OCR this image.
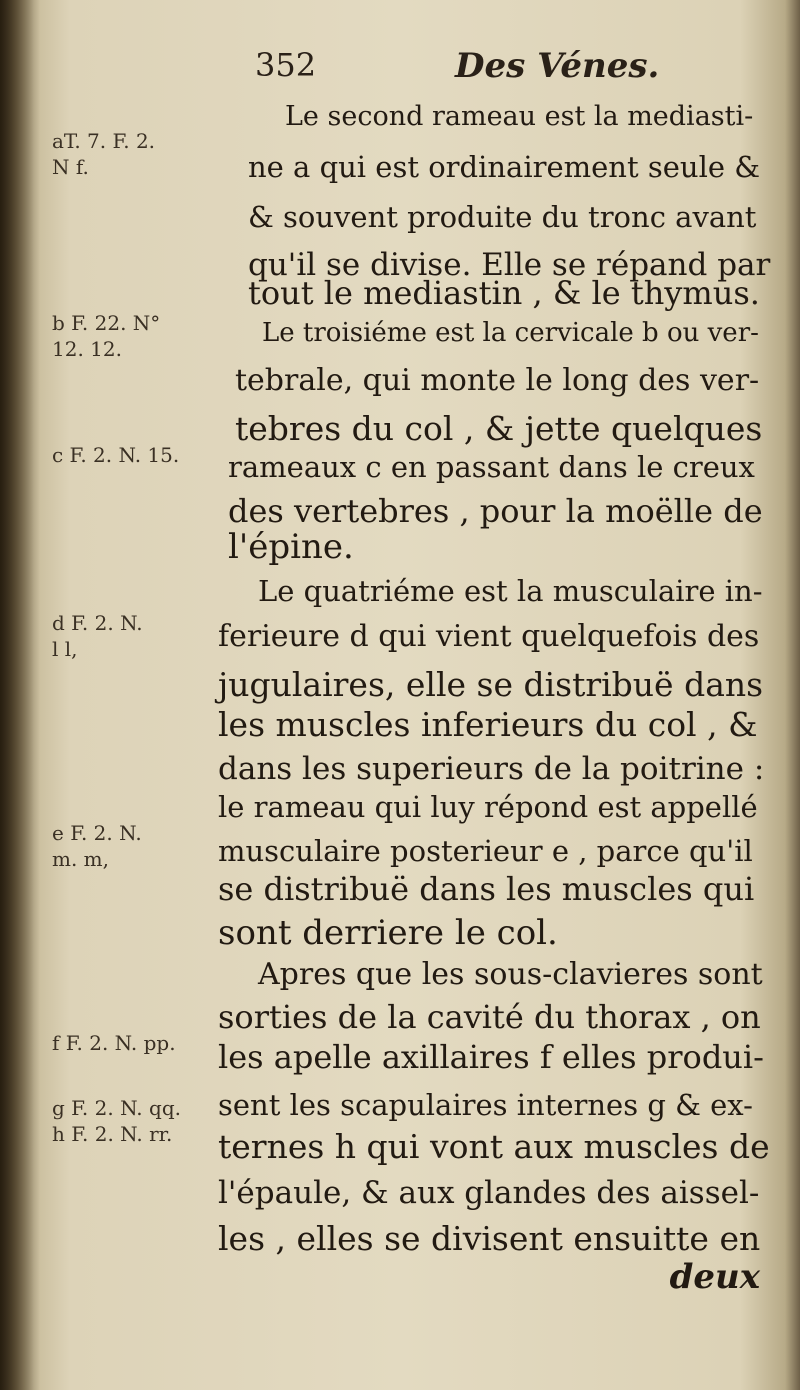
352	Des Vénes.
aT. 7. F. 2.
N f.
b F. 22. N°
12. 12.
c F. 2. N. 15.
d F. 2. N.
l l,
e F. 2. N.
m. m,
f F. 2. N. pp.
g F. 2. N. qq.
h F. 2. N. rr.
Le second rameau est la mediasti-
ne a qui est ordinairement seule &
& souvent produite du tronc avant
qu'il se divise. Elle se répand par
tout le mediastin , & le thymus.
Le troisiéme est la cervicale b ou ver-
tebrale, qui monte le long des ver-
tebres du col , & jette quelques
rameaux c en passant dans le creux
des vertebres , pour la moëlle de
l'épine.
Le quatriéme est la musculaire in-
ferieure d qui vient quelquefois des
jugulaires, elle se distribuë dans
les muscles inferieurs du col , &
dans les superieurs de la poitrine :
le rameau qui luy répond est appellé
musculaire posterieur e , parce qu'il
se distribuë dans les muscles qui
sont derriere le col.
Apres que les sous-clavieres sont
sorties de la cavité du thorax , on
les apelle axillaires f elles produi-
sent les scapulaires internes g & ex-
ternes h qui vont aux muscles de
l'épaule, & aux glandes des aissel-
les , elles se divisent ensuitte en
deux
